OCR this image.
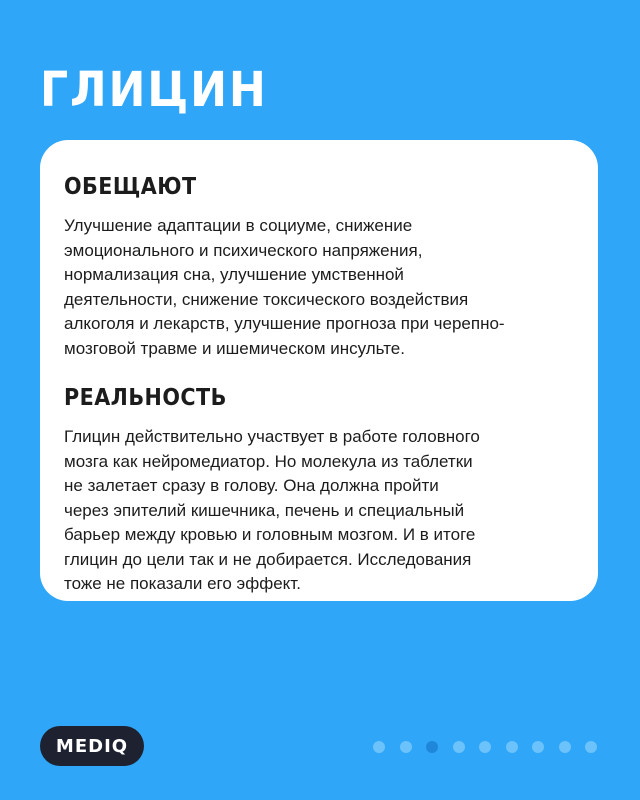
ГЛИЦИН
ОБЕЩАЮТ

Улучшение адаптации в социуме, снижение
эмоционального и психического напряжения,
нормализация сна, улучшение умственной
деятельности, снижение токсического воздействия
алкоголя и лекарств, улучшение прогноза при черепно-
мозговой травме и ишемическом инсульте.

РЕАЛЬНОСТЬ

Глицин действительно участвует в работе головного
мозга как нейромедиатор. Но молекула из таблетки
не залетает сразу в голову. Она должна пройти
через эпителий кишечника, печень и специальный
барьер между кровью и головным мозгом. И в итоге
глицин до цели так и не добирается. Исследования
тоже не показали его эффект.

MEDIQ
